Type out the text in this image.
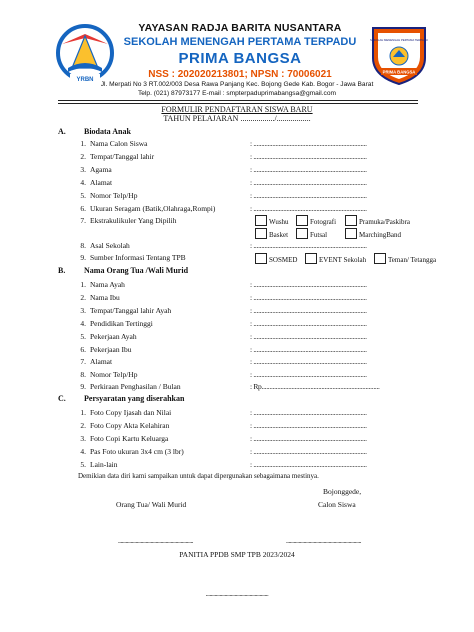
YRBN
SEKOLAH MENENGAH PERTAMA TERPADU
PRIMA BANGSA
YAYASAN RADJA BARITA NUSANTARA
SEKOLAH MENENGAH PERTAMA TERPADU
PRIMA BANGSA
NSS : 202020213801; NPSN : 70006021
Jl. Merpati No 3 RT.002/003 Desa Rawa Panjang Kec. Bojong Gede Kab. Bogor - Jawa Barat
Telp. (021) 87973177 E-mail : smpterpaduprimabangsa@gmail.com
FORMULIR PENDAFTARAN SISWA BARU
TAHUN PELAJARAN ................./.................
A. Biodata Anak
1. Nama Calon Siswa	: ........................................................................
2. Tempat/Tanggal lahir	: ........................................................................
3. Agama	: ........................................................................
4. Alamat	: ........................................................................
5. Nomor Telp/Hp	: ........................................................................
6. Ukuran Seragam (Batik,Olahraga,Rompi)	: ........................................................................
7. Ekstrakulikuler Yang Dipilih
8. Asal Sekolah	: ........................................................................
9. Sumber Informasi Tentang TPB
Wushu	Fotografi	Pramuka/Paskibra
Basket	Futsal	MarchingBand
SOSMED	EVENT Sekolah	Teman/ Tetangga
B. Nama Orang Tua /Wali Murid
1. Nama Ayah	: ........................................................................
2. Nama Ibu	: ........................................................................
3. Tempat/Tanggal lahir Ayah	: ........................................................................
4. Pendidikan Tertinggi	: ........................................................................
5. Pekerjaan Ayah	: ........................................................................
6. Pekerjaan Ibu	: ........................................................................
7. Alamat	: ........................................................................
8. Nomor Telp/Hp	: ........................................................................
9. Perkiraan Penghasilan / Bulan	: Rp...........................................................................
C. Persyaratan yang diserahkan
1. Foto Copy Ijasah dan Nilai	: ........................................................................
2. Foto Copy Akta Kelahiran	: ........................................................................
3. Foto Copi Kartu Keluarga	: ........................................................................
4. Pas Foto ukuran 3x4 cm (3 lbr)	: ........................................................................
5. Lain-lain	: ........................................................................
Demikian data diri kami sampaikan untuk dapat dipergunakan sebagaimana mestinya.
Bojonggede,
Orang Tua/ Wali Murid	Calon Siswa
............................................................	............................................................
PANITIA PPDB SMP TPB 2023/2024
..................................................
